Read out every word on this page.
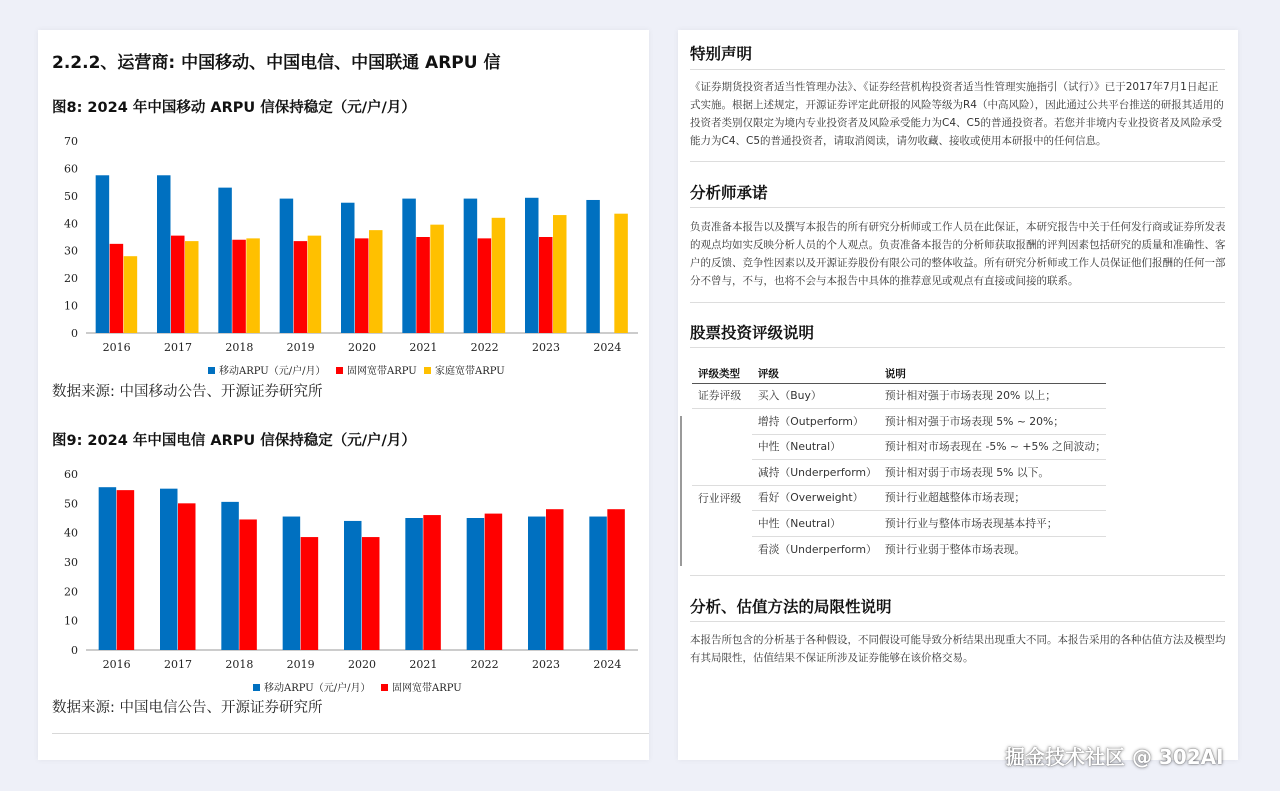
2.2.2、运营商: 中国移动、中国电信、中国联通 ARPU 信
图8: 2024 年中国移动 ARPU 信保持稳定（元/户/月）
0
10
20
30
40
50
60
70
2016	2017	2018	2019	2020	2021	2022	2023	2024
移动ARPU（元/户/月） 固网宽带ARPU 家庭宽带ARPU
数据来源: 中国移动公告、开源证券研究所
图9: 2024 年中国电信 ARPU 信保持稳定（元/户/月）
0
10
20
30
40
50
60
2016	2017	2018	2019	2020	2021	2022	2023	2024
移动ARPU（元/户/月） 固网宽带ARPU
数据来源: 中国电信公告、开源证券研究所
特别声明
《证券期货投资者适当性管理办法》、《证券经营机构投资者适当性管理实施指引（试行）》已于2017年7月1日起正式实施。根据上述规定，开源证券评定此研报的风险等级为R4（中高风险），因此通过公共平台推送的研报其适用的投资者类别仅限定为境内专业投资者及风险承受能力为C4、C5的普通投资者。若您并非境内专业投资者及风险承受能力为C4、C5的普通投资者，请取消阅读，请勿收藏、接收或使用本研报中的任何信息。
分析师承诺
负责准备本报告以及撰写本报告的所有研究分析师或工作人员在此保证，本研究报告中关于任何发行商或证券所发表的观点均如实反映分析人员的个人观点。负责准备本报告的分析师获取报酬的评判因素包括研究的质量和准确性、客户的反馈、竞争性因素以及开源证券股份有限公司的整体收益。所有研究分析师或工作人员保证他们报酬的任何一部分不曾与，不与，也将不会与本报告中具体的推荐意见或观点有直接或间接的联系。
股票投资评级说明
评级类型	评级	说明
证券评级	买入（Buy）	预计相对强于市场表现 20% 以上；
	增持（Outperform）	预计相对强于市场表现 5% ~ 20%；
	中性（Neutral）	预计相对市场表现在 -5% ~ +5% 之间波动；
	减持（Underperform）	预计相对弱于市场表现 5% 以下。
行业评级	看好（Overweight）	预计行业超越整体市场表现；
	中性（Neutral）	预计行业与整体市场表现基本持平；
	看淡（Underperform）	预计行业弱于整体市场表现。
分析、估值方法的局限性说明
本报告所包含的分析基于各种假设，不同假设可能导致分析结果出现重大不同。本报告采用的各种估值方法及模型均有其局限性，估值结果不保证所涉及证券能够在该价格交易。
掘金技术社区 @ 302AI
